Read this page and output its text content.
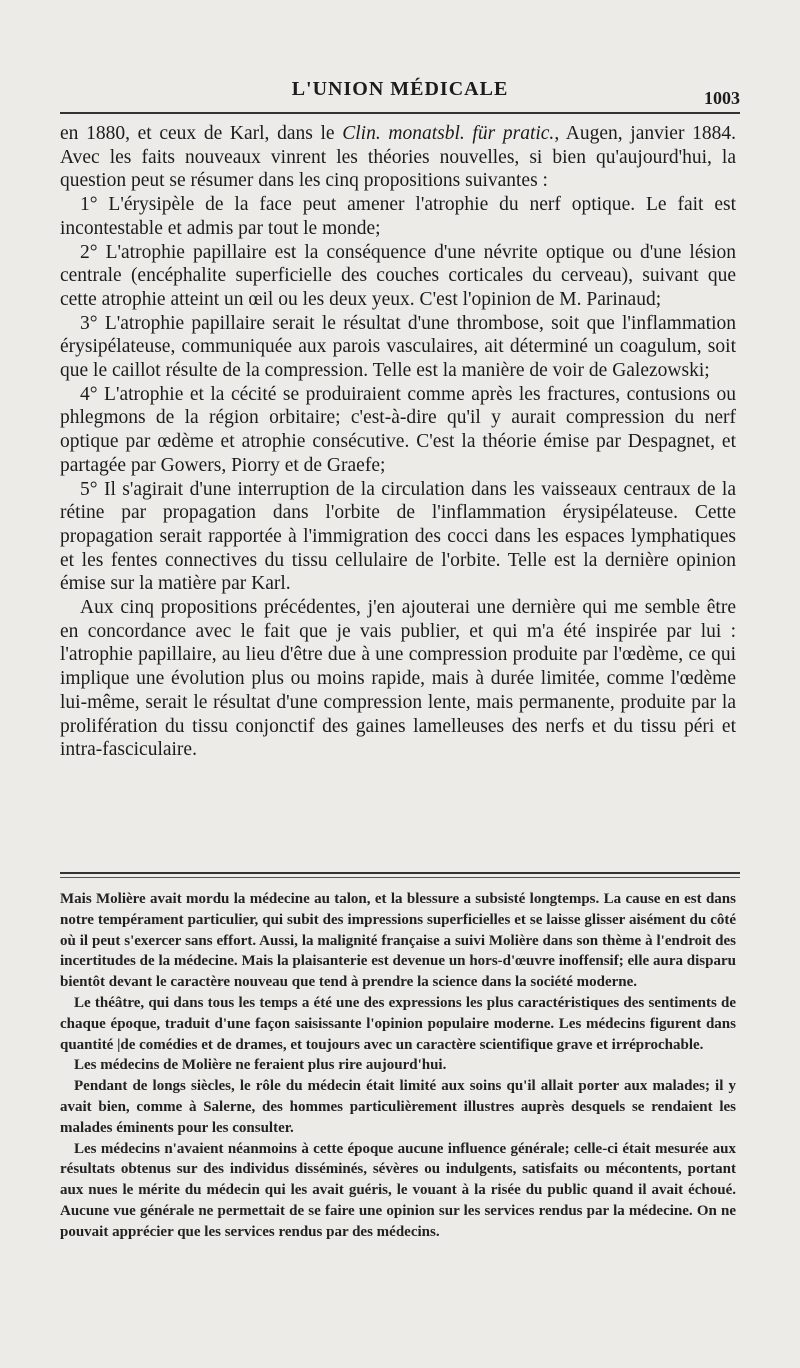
L'UNION MÉDICALE	1003

en 1880, et ceux de Karl, dans le Clin. monatsbl. für pratic., Augen, janvier 1884. Avec les faits nouveaux vinrent les théories nouvelles, si bien qu'aujourd'hui, la question peut se résumer dans les cinq propositions suivantes :

1° L'érysipèle de la face peut amener l'atrophie du nerf optique. Le fait est incontestable et admis par tout le monde;

2° L'atrophie papillaire est la conséquence d'une névrite optique ou d'une lésion centrale (encéphalite superficielle des couches corticales du cerveau), suivant que cette atrophie atteint un œil ou les deux yeux. C'est l'opinion de M. Parinaud;

3° L'atrophie papillaire serait le résultat d'une thrombose, soit que l'inflammation érysipélateuse, communiquée aux parois vasculaires, ait déterminé un coagulum, soit que le caillot résulte de la compression. Telle est la manière de voir de Galezowski;

4° L'atrophie et la cécité se produiraient comme après les fractures, contusions ou phlegmons de la région orbitaire; c'est-à-dire qu'il y aurait compression du nerf optique par œdème et atrophie consécutive. C'est la théorie émise par Despagnet, et partagée par Gowers, Piorry et de Graefe;

5° Il s'agirait d'une interruption de la circulation dans les vaisseaux centraux de la rétine par propagation dans l'orbite de l'inflammation érysipélateuse. Cette propagation serait rapportée à l'immigration des cocci dans les espaces lymphatiques et les fentes connectives du tissu cellulaire de l'orbite. Telle est la dernière opinion émise sur la matière par Karl.

Aux cinq propositions précédentes, j'en ajouterai une dernière qui me semble être en concordance avec le fait que je vais publier, et qui m'a été inspirée par lui : l'atrophie papillaire, au lieu d'être due à une compression produite par l'œdème, ce qui implique une évolution plus ou moins rapide, mais à durée limitée, comme l'œdème lui-même, serait le résultat d'une compression lente, mais permanente, produite par la prolifération du tissu conjonctif des gaines lamelleuses des nerfs et du tissu péri et intra-fasciculaire.

Mais Molière avait mordu la médecine au talon, et la blessure a subsisté longtemps. La cause en est dans notre tempérament particulier, qui subit des impressions superficielles et se laisse glisser aisément du côté où il peut s'exercer sans effort. Aussi, la malignité française a suivi Molière dans son thème à l'endroit des incertitudes de la médecine. Mais la plaisanterie est devenue un hors-d'œuvre inoffensif; elle aura disparu bientôt devant le caractère nouveau que tend à prendre la science dans la société moderne.

Le théâtre, qui dans tous les temps a été une des expressions les plus caractéristiques des sentiments de chaque époque, traduit d'une façon saisissante l'opinion populaire moderne. Les médecins figurent dans quantité |de comédies et de drames, et toujours avec un caractère scientifique grave et irréprochable.

Les médecins de Molière ne feraient plus rire aujourd'hui.

Pendant de longs siècles, le rôle du médecin était limité aux soins qu'il allait porter aux malades; il y avait bien, comme à Salerne, des hommes particulièrement illustres auprès desquels se rendaient les malades éminents pour les consulter.

Les médecins n'avaient néanmoins à cette époque aucune influence générale; celle-ci était mesurée aux résultats obtenus sur des individus disséminés, sévères ou indulgents, satisfaits ou mécontents, portant aux nues le mérite du médecin qui les avait guéris, le vouant à la risée du public quand il avait échoué. Aucune vue générale ne permettait de se faire une opinion sur les services rendus par la médecine. On ne pouvait apprécier que les services rendus par des médecins.
